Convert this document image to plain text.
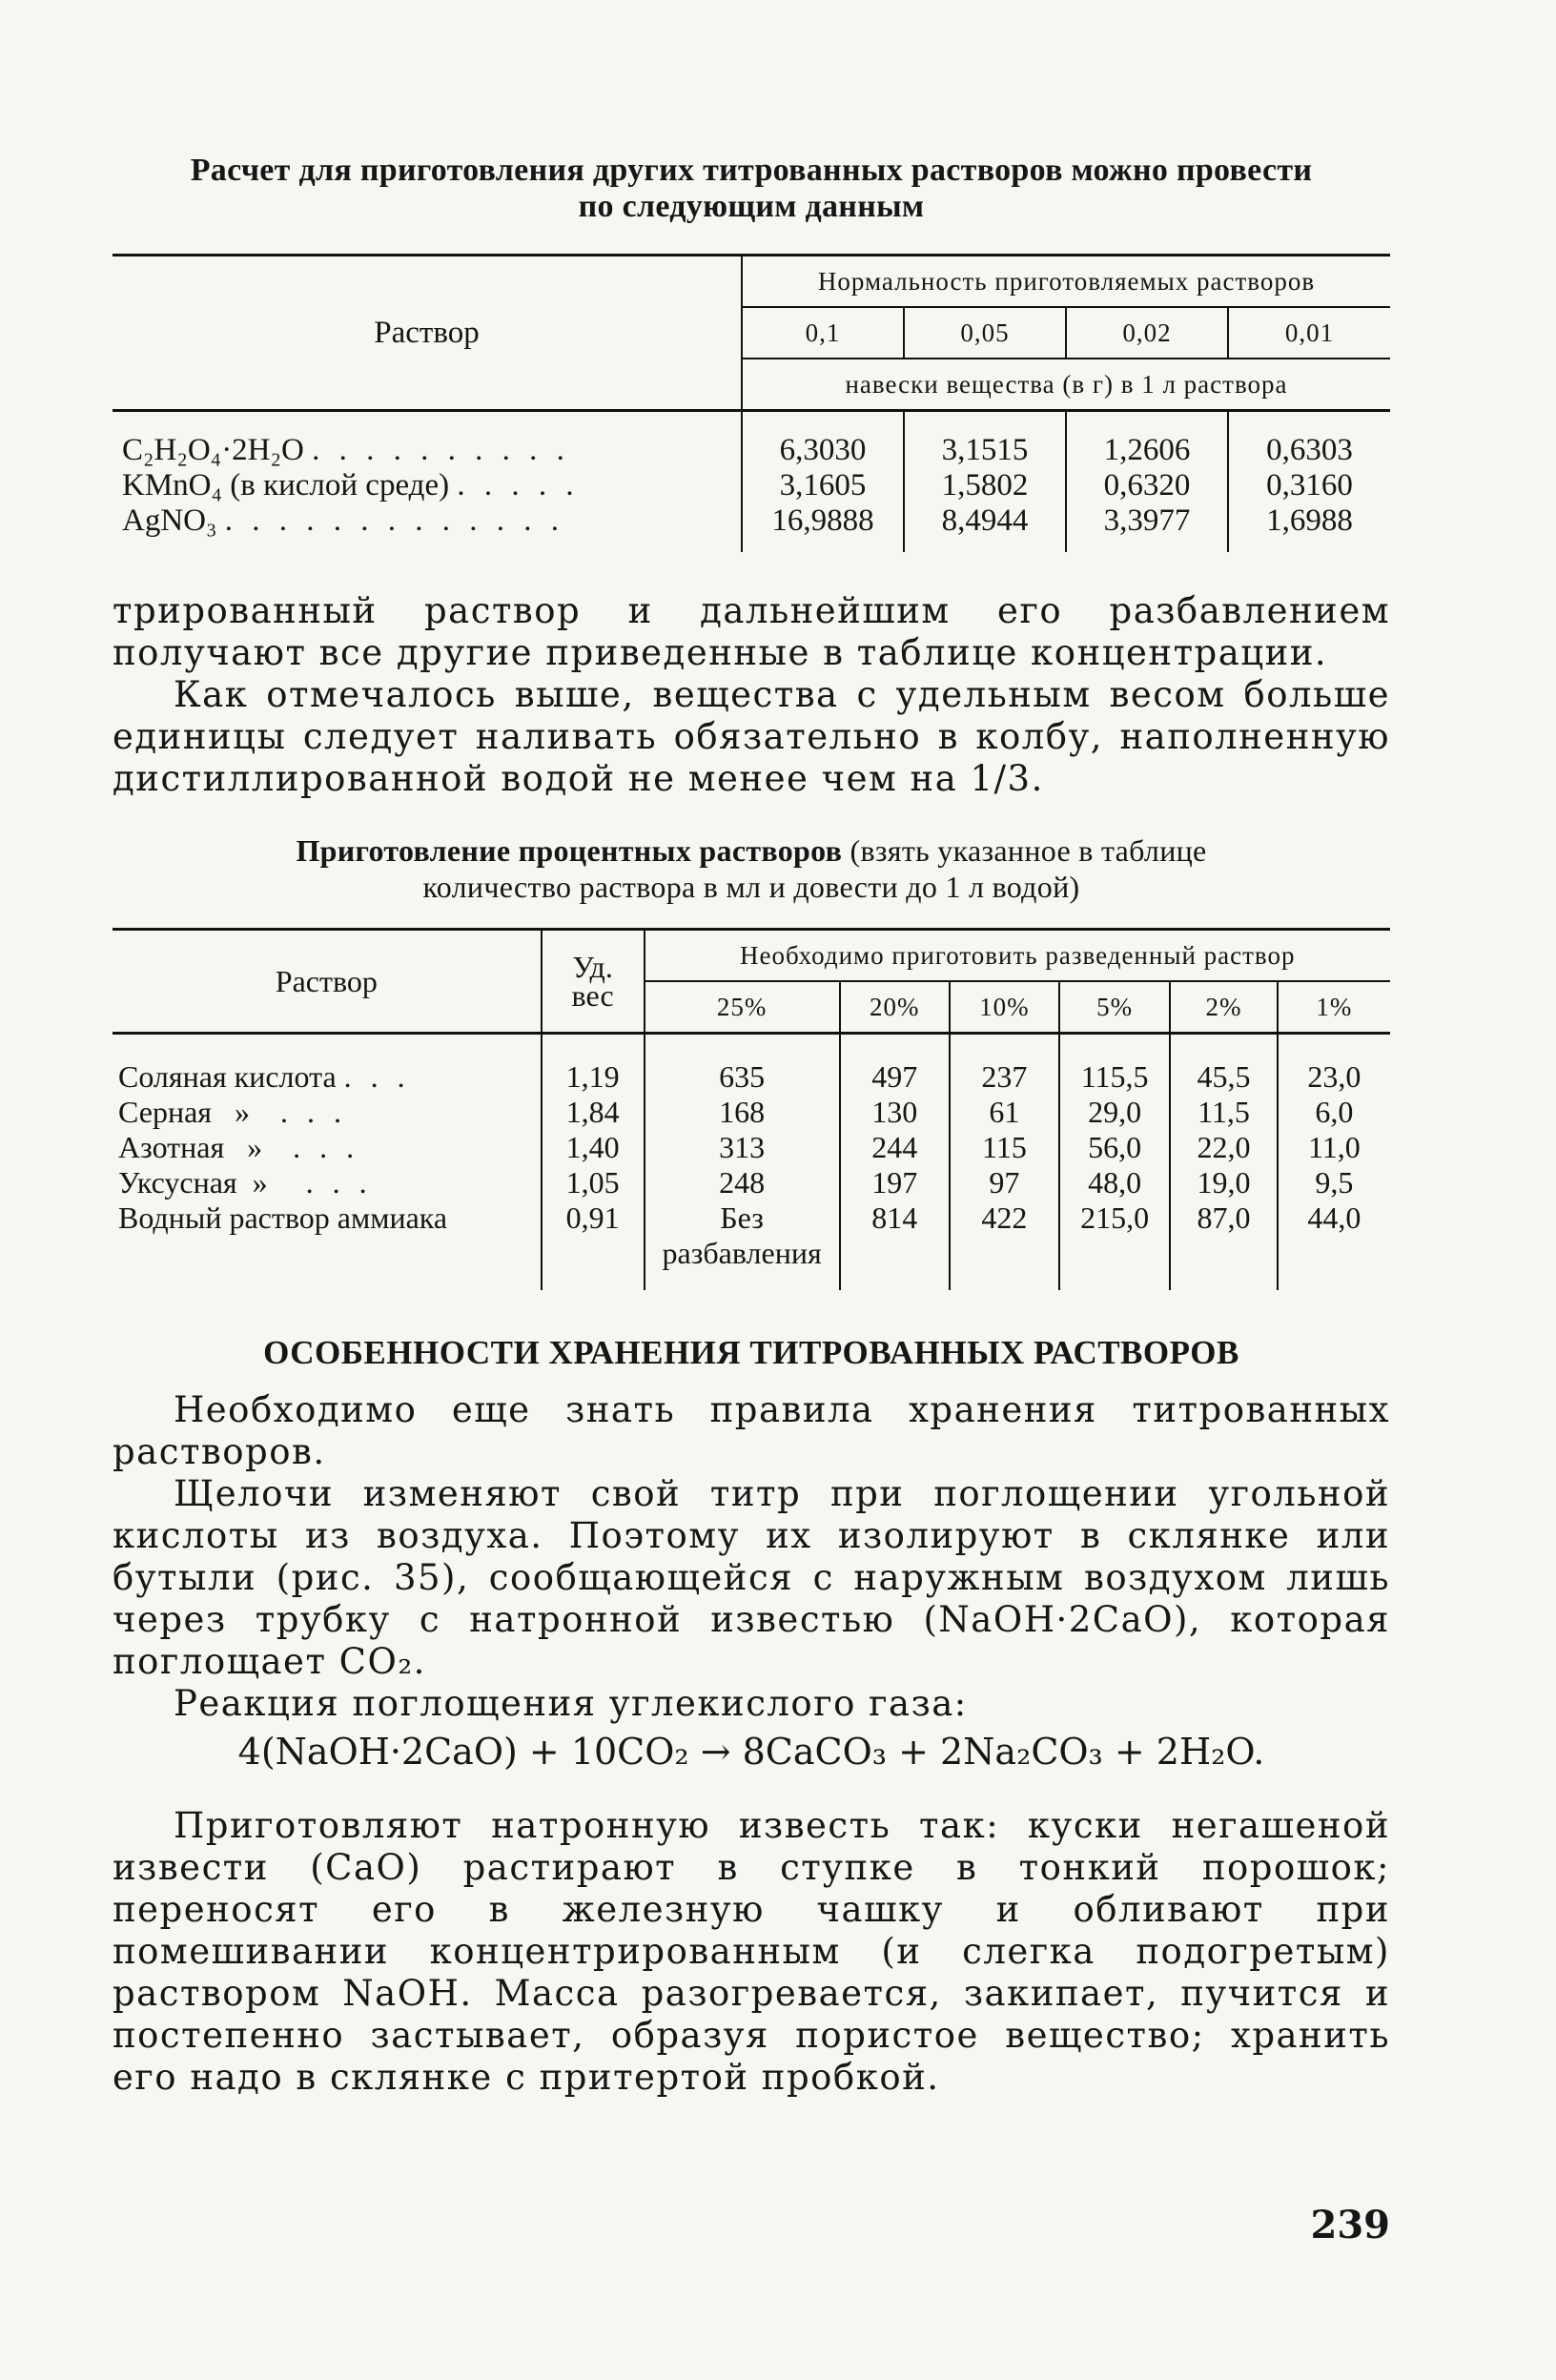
Расчет для приготовления других титрованных растворов можно провести
по следующим данным
Раствор	Нормальность приготовляемых растворов			
	0,1	0,05	0,02	0,01
	навески вещества (в г) в 1 л раствора			

C₂H₂O₄·2H₂O . . . . . . . . . .	6,3030	3,1515	1,2606	0,6303
KMnO₄ (в кислой среде) . . . . .	3,1605	1,5802	0,6320	0,3160
AgNO₃ . . . . . . . . . . . . .	16,9888	8,4944	3,3977	1,6988

трированный раствор и дальнейшим его разбавлением получают все другие приведенные в таблице концентрации.

Как отмечалось выше, вещества с удельным весом больше единицы следует наливать обязательно в колбу, наполненную дистиллированной водой не менее чем на 1/3.

Приготовление процентных растворов (взять указанное в таблице
количество раствора в мл и довести до 1 л водой)
Раствор	Уд. вес	Необходимо приготовить разведенный раствор					
		25%	20%	10%	5%	2%	1%

Соляная кислота . . .	1,19	635	497	237	115,5	45,5	23,0
Серная » . . .	1,84	168	130	61	29,0	11,5	6,0
Азотная » . . .	1,40	313	244	115	56,0	22,0	11,0
Уксусная » . . .	1,05	248	197	97	48,0	19,0	9,5
Водный раствор аммиака	0,91	Без разбавления	814	422	215,0	87,0	44,0

ОСОБЕННОСТИ ХРАНЕНИЯ ТИТРОВАННЫХ РАСТВОРОВ

Необходимо еще знать правила хранения титрованных растворов.

Щелочи изменяют свой титр при поглощении угольной кислоты из воздуха. Поэтому их изолируют в склянке или бутыли (рис. 35), сообщающейся с наружным воздухом лишь через трубку с натронной известью (NaOH·2CaO), которая поглощает CO₂.

Реакция поглощения углекислого газа:

4(NaOH·2CaO) + 10CO₂ → 8CaCO₃ + 2Na₂CO₃ + 2H₂O.

Приготовляют натронную известь так: куски негашеной извести (CaO) растирают в ступке в тонкий порошок; переносят его в железную чашку и обливают при помешивании концентрированным (и слегка подогретым) раствором NaOH. Масса разогревается, закипает, пучится и постепенно застывает, образуя пористое вещество; хранить его надо в склянке с притертой пробкой.

239
